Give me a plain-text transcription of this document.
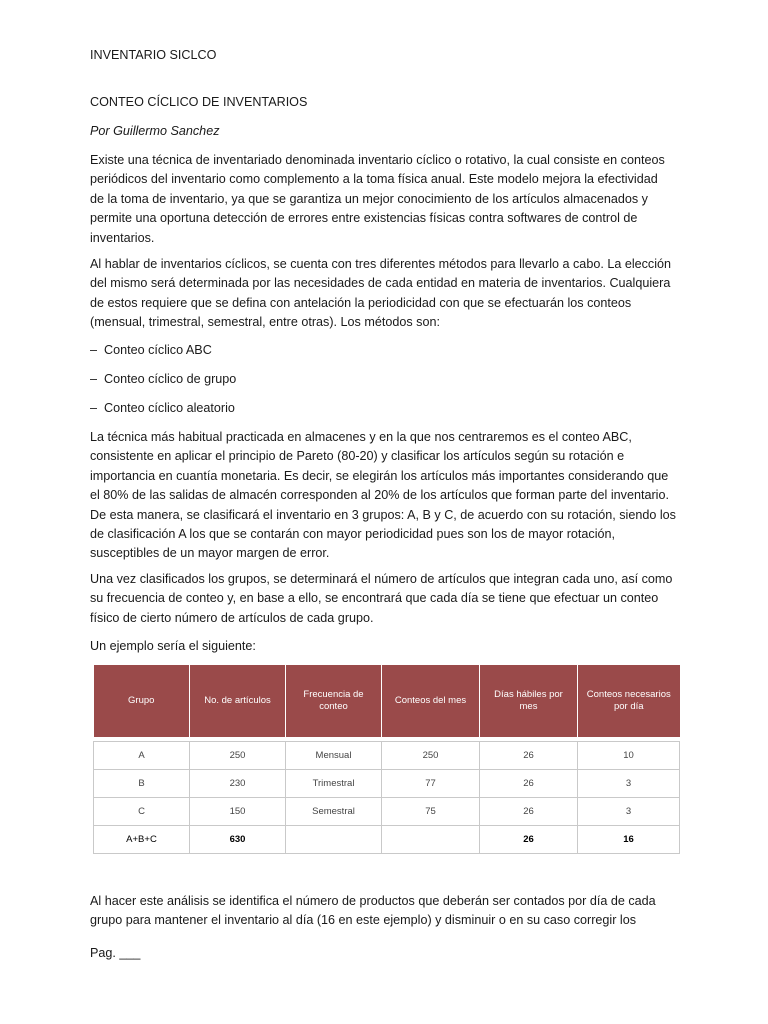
INVENTARIO SICLCO
CONTEO CÍCLICO DE INVENTARIOS
Por Guillermo Sanchez
Existe una técnica de inventariado denominada inventario cíclico o rotativo, la cual consiste en conteos
periódicos del inventario como complemento a la toma física anual. Este modelo mejora la efectividad
de la toma de inventario, ya que se garantiza un mejor conocimiento de los artículos almacenados y
permite una oportuna detección de errores entre existencias físicas contra softwares de control de
inventarios.
Al hablar de inventarios cíclicos, se cuenta con tres diferentes métodos para llevarlo a cabo. La elección
del mismo será determinada por las necesidades de cada entidad en materia de inventarios. Cualquiera
de estos requiere que se defina con antelación la periodicidad con que se efectuarán los conteos
(mensual, trimestral, semestral, entre otras). Los métodos son:
– Conteo cíclico ABC
– Conteo cíclico de grupo
– Conteo cíclico aleatorio
La técnica más habitual practicada en almacenes y en la que nos centraremos es el conteo ABC,
consistente en aplicar el principio de Pareto (80-20) y clasificar los artículos según su rotación e
importancia en cuantía monetaria. Es decir, se elegirán los artículos más importantes considerando que
el 80% de las salidas de almacén corresponden al 20% de los artículos que forman parte del inventario.
De esta manera, se clasificará el inventario en 3 grupos: A, B y C, de acuerdo con su rotación, siendo los
de clasificación A los que se contarán con mayor periodicidad pues son los de mayor rotación,
susceptibles de un mayor margen de error.
Una vez clasificados los grupos, se determinará el número de artículos que integran cada uno, así como
su frecuencia de conteo y, en base a ello, se encontrará que cada día se tiene que efectuar un conteo
físico de cierto número de artículos de cada grupo.
Un ejemplo sería el siguiente:
Grupo	No. de artículos	Frecuencia de conteo	Conteos del mes	Días hábiles por mes	Conteos necesarios por día

A	250	Mensual	250	26	10
B	230	Trimestral	77	26	3
C	150	Semestral	75	26	3
A+B+C	630			26	16
Al hacer este análisis se identifica el número de productos que deberán ser contados por día de cada
grupo para mantener el inventario al día (16 en este ejemplo) y disminuir o en su caso corregir los
Pag. ___
